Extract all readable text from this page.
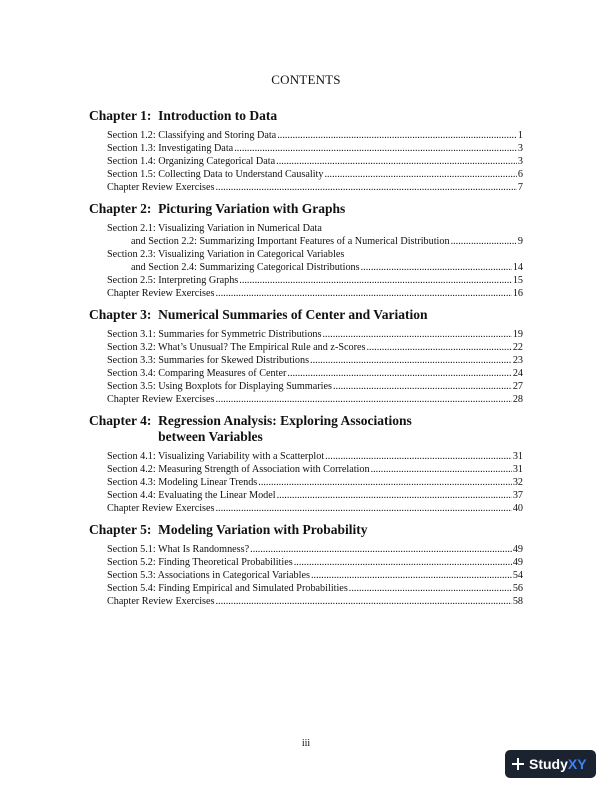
CONTENTS
Chapter 1: Introduction to Data
Section 1.2: Classifying and Storing Data .....	1
Section 1.3: Investigating Data .....	3
Section 1.4: Organizing Categorical Data .....	3
Section 1.5: Collecting Data to Understand Causality .....	6
Chapter Review Exercises .....	7
Chapter 2: Picturing Variation with Graphs
Section 2.1: Visualizing Variation in Numerical Data
and Section 2.2: Summarizing Important Features of a Numerical Distribution .....	9
Section 2.3: Visualizing Variation in Categorical Variables
and Section 2.4: Summarizing Categorical Distributions .....	14
Section 2.5: Interpreting Graphs .....	15
Chapter Review Exercises .....	16
Chapter 3: Numerical Summaries of Center and Variation
Section 3.1: Summaries for Symmetric Distributions .....	19
Section 3.2: What’s Unusual? The Empirical Rule and z-Scores .....	22
Section 3.3: Summaries for Skewed Distributions .....	23
Section 3.4: Comparing Measures of Center .....	24
Section 3.5: Using Boxplots for Displaying Summaries .....	27
Chapter Review Exercises .....	28
Chapter 4: Regression Analysis: Exploring Associations
between Variables
Section 4.1: Visualizing Variability with a Scatterplot .....	31
Section 4.2: Measuring Strength of Association with Correlation .....	31
Section 4.3: Modeling Linear Trends .....	32
Section 4.4: Evaluating the Linear Model .....	37
Chapter Review Exercises .....	40
Chapter 5: Modeling Variation with Probability
Section 5.1: What Is Randomness? .....	49
Section 5.2: Finding Theoretical Probabilities .....	49
Section 5.3: Associations in Categorical Variables .....	54
Section 5.4: Finding Empirical and Simulated Probabilities .....	56
Chapter Review Exercises .....	58
iii
StudyXY
